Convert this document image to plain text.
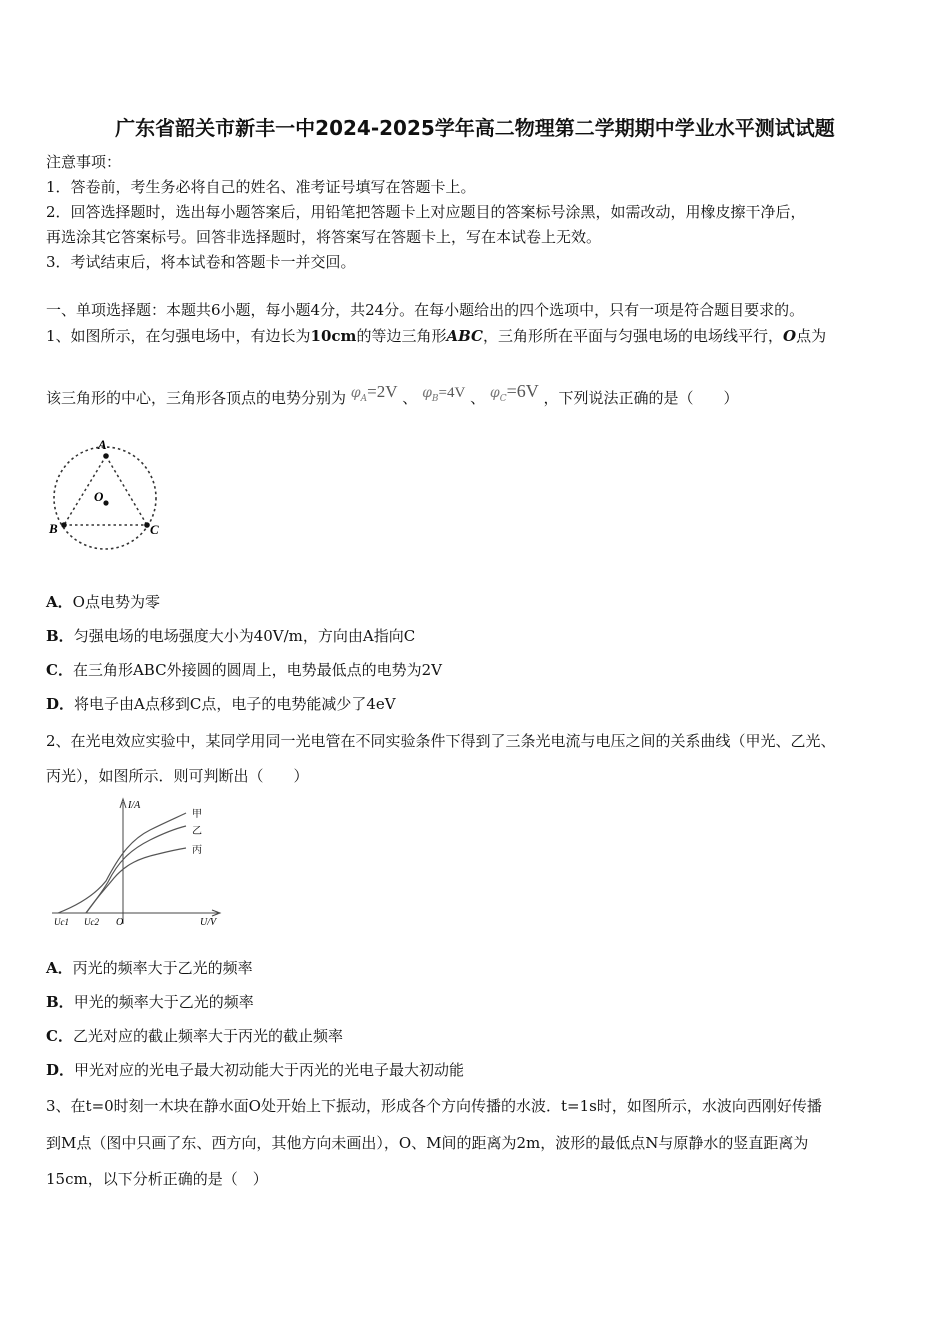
广东省韶关市新丰一中2024-2025学年高二物理第二学期期中学业水平测试试题
注意事项：
1．答卷前，考生务必将自己的姓名、准考证号填写在答题卡上。
2．回答选择题时，选出每小题答案后，用铅笔把答题卡上对应题目的答案标号涂黑，如需改动，用橡皮擦干净后，
再选涂其它答案标号。回答非选择题时，将答案写在答题卡上，写在本试卷上无效。
3．考试结束后，将本试卷和答题卡一并交回。
一、单项选择题：本题共6小题，每小题4分，共24分。在每小题给出的四个选项中，只有一项是符合题目要求的。
1、如图所示，在匀强电场中，有边长为10cm的等边三角形ABC，三角形所在平面与匀强电场的电场线平行，O点为
该三角形的中心，三角形各顶点的电势分别为 $\varphi_A=2V$ 、 $\varphi_B=4V$ 、 $\varphi_C=6V$ ，下列说法正确的是（　　）
A
B	C
O
A．O点电势为零
B．匀强电场的电场强度大小为40V/m，方向由A指向C
C．在三角形ABC外接圆的圆周上，电势最低点的电势为2V
D．将电子由A点移到C点，电子的电势能减少了4eV
2、在光电效应实验中，某同学用同一光电管在不同实验条件下得到了三条光电流与电压之间的关系曲线（甲光、乙光、
丙光），如图所示．则可判断出（　　）
I/A
U/V
O
Uc1 Uc2
甲
乙
丙
A．丙光的频率大于乙光的频率
B．甲光的频率大于乙光的频率
C．乙光对应的截止频率大于丙光的截止频率
D．甲光对应的光电子最大初动能大于丙光的光电子最大初动能
3、在t=0时刻一木块在静水面O处开始上下振动，形成各个方向传播的水波．t=1s时，如图所示，水波向西刚好传播
到M点（图中只画了东、西方向，其他方向未画出），O、M间的距离为2m，波形的最低点N与原静水的竖直距离为
15cm，以下分析正确的是（　）
